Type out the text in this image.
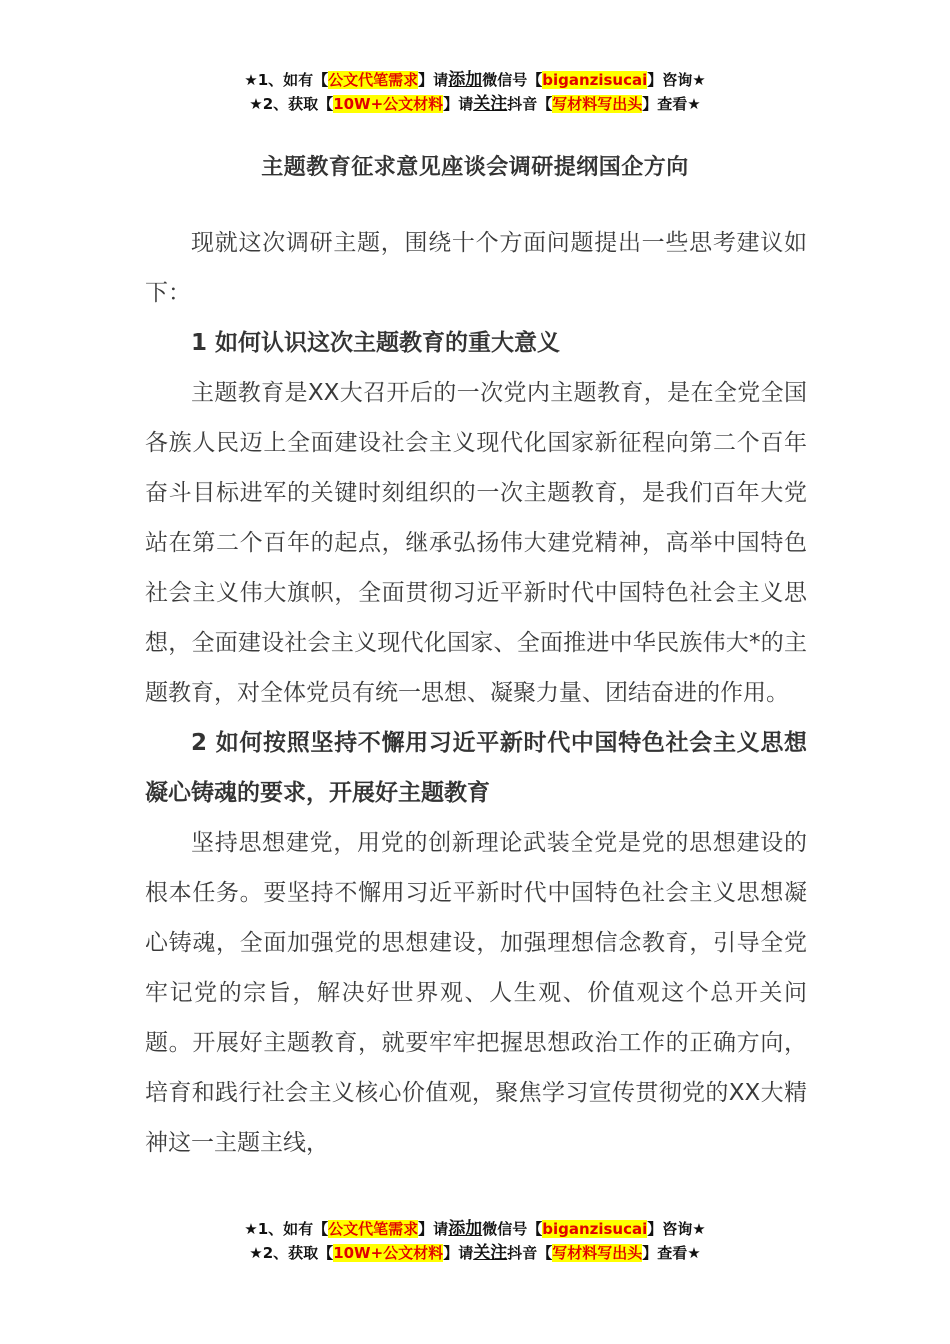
★1、如有【公文代笔需求】请添加微信号【biganzisucai】咨询★
★2、获取【10W+公文材料】请关注抖音【写材料写出头】查看★
主题教育征求意见座谈会调研提纲国企方向

现就这次调研主题，围绕十个方面问题提出一些思考建议如下：

1 如何认识这次主题教育的重大意义

主题教育是XX大召开后的一次党内主题教育，是在全党全国各族人民迈上全面建设社会主义现代化国家新征程向第二个百年奋斗目标进军的关键时刻组织的一次主题教育，是我们百年大党站在第二个百年的起点，继承弘扬伟大建党精神，高举中国特色社会主义伟大旗帜，全面贯彻习近平新时代中国特色社会主义思想，全面建设社会主义现代化国家、全面推进中华民族伟大*的主题教育，对全体党员有统一思想、凝聚力量、团结奋进的作用。

2 如何按照坚持不懈用习近平新时代中国特色社会主义思想凝心铸魂的要求，开展好主题教育

坚持思想建党，用党的创新理论武装全党是党的思想建设的根本任务。要坚持不懈用习近平新时代中国特色社会主义思想凝心铸魂，全面加强党的思想建设，加强理想信念教育，引导全党牢记党的宗旨，解决好世界观、人生观、价值观这个总开关问题。开展好主题教育，就要牢牢把握思想政治工作的正确方向，培育和践行社会主义核心价值观，聚焦学习宣传贯彻党的XX大精神这一主题主线，

★1、如有【公文代笔需求】请添加微信号【biganzisucai】咨询★
★2、获取【10W+公文材料】请关注抖音【写材料写出头】查看★
